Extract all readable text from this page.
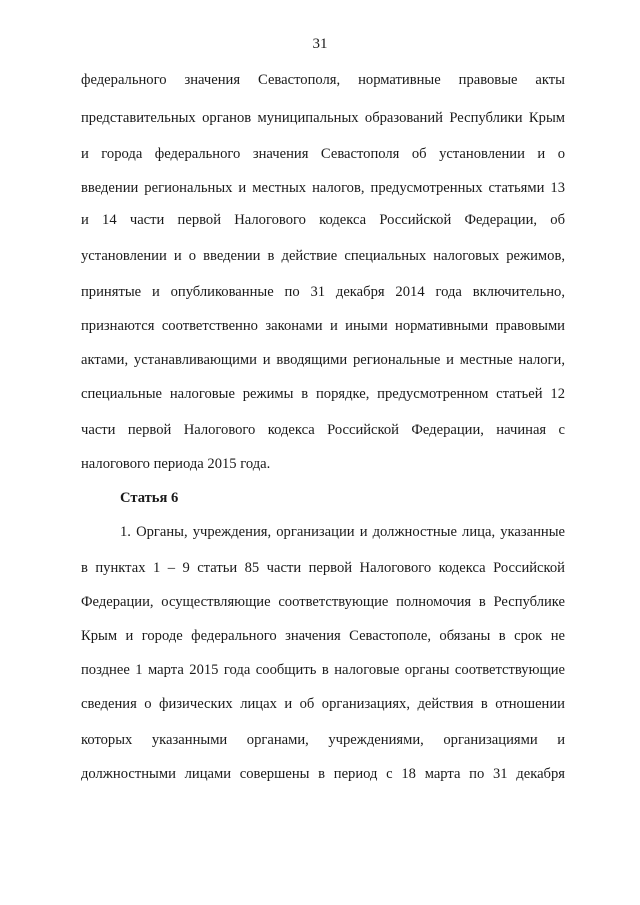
31
федерального значения Севастополя, нормативные правовые акты
представительных органов муниципальных образований Республики Крым
и города федерального значения Севастополя об установлении и о
введении региональных и местных налогов, предусмотренных статьями 13
и 14 части первой Налогового кодекса Российской Федерации, об
установлении и о введении в действие специальных налоговых режимов,
принятые и опубликованные по 31 декабря 2014 года включительно,
признаются соответственно законами и иными нормативными правовыми
актами, устанавливающими и вводящими региональные и местные налоги,
специальные налоговые режимы в порядке, предусмотренном статьей 12
части первой Налогового кодекса Российской Федерации, начиная с
налогового периода 2015 года.
Статья 6
1. Органы, учреждения, организации и должностные лица, указанные
в пунктах 1 – 9 статьи 85 части первой Налогового кодекса Российской
Федерации, осуществляющие соответствующие полномочия в Республике
Крым и городе федерального значения Севастополе, обязаны в срок не
позднее 1 марта 2015 года сообщить в налоговые органы соответствующие
сведения о физических лицах и об организациях, действия в отношении
которых указанными органами, учреждениями, организациями и
должностными лицами совершены в период с 18 марта по 31 декабря
